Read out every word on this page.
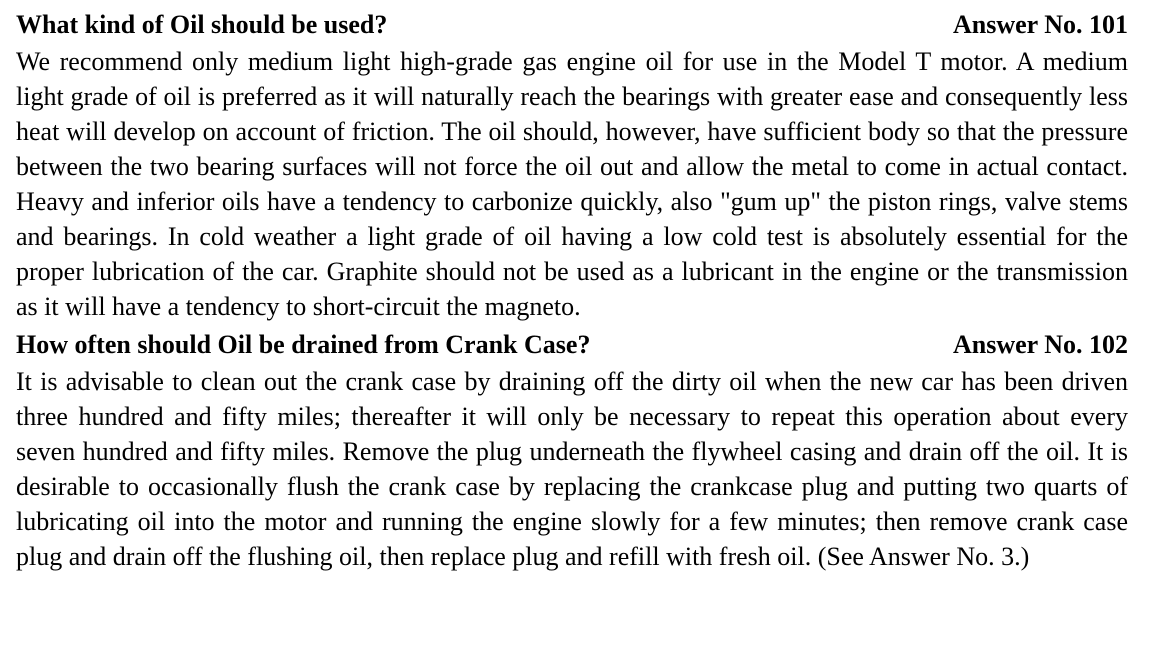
What kind of Oil should be used?	Answer No. 101

We recommend only medium light high-grade gas engine oil for use in the Model T motor. A medium light grade of oil is preferred as it will naturally reach the bearings with greater ease and consequently less heat will develop on account of friction. The oil should, however, have sufficient body so that the pressure between the two bearing surfaces will not force the oil out and allow the metal to come in actual contact. Heavy and inferior oils have a tendency to carbonize quickly, also "gum up" the piston rings, valve stems and bearings. In cold weather a light grade of oil having a low cold test is absolutely essential for the proper lubrication of the car. Graphite should not be used as a lubricant in the engine or the transmission as it will have a tendency to short-circuit the magneto.

How often should Oil be drained from Crank Case?	Answer No. 102

It is advisable to clean out the crank case by draining off the dirty oil when the new car has been driven three hundred and fifty miles; thereafter it will only be necessary to repeat this operation about every seven hundred and fifty miles. Remove the plug underneath the flywheel casing and drain off the oil. It is desirable to occasionally flush the crank case by replacing the crankcase plug and putting two quarts of lubricating oil into the motor and running the engine slowly for a few minutes; then remove crank case plug and drain off the flushing oil, then replace plug and refill with fresh oil. (See Answer No. 3.)
